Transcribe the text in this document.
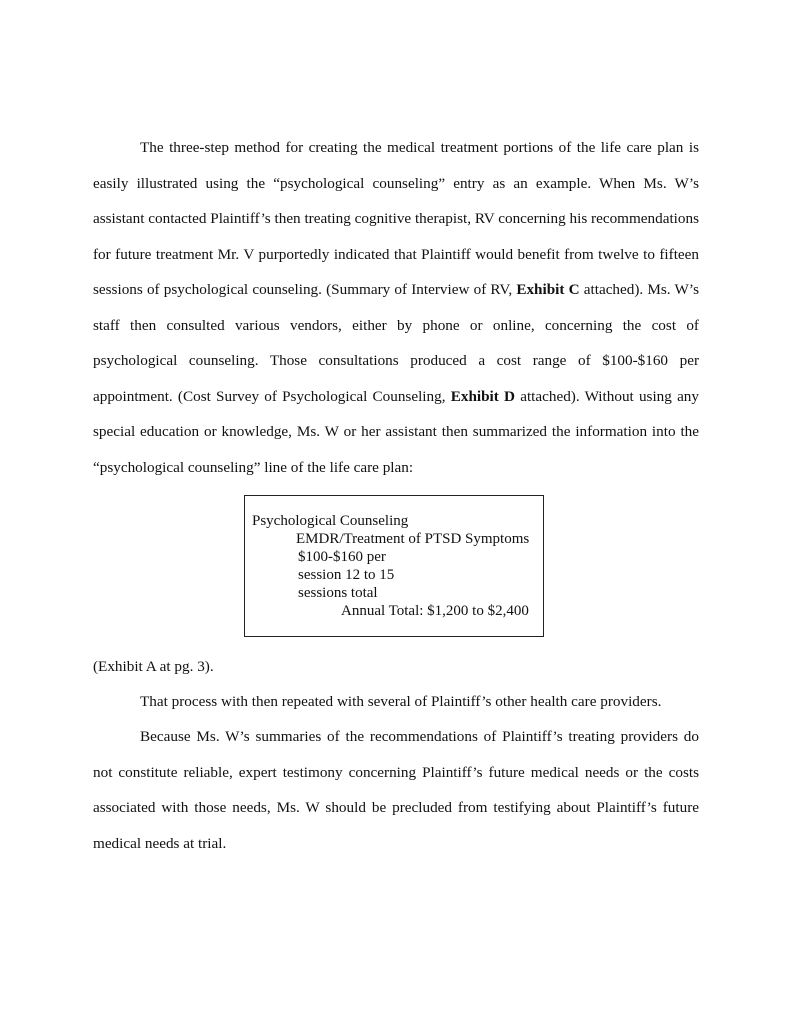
The three-step method for creating the medical treatment portions of the life care plan is easily illustrated using the “psychological counseling” entry as an example. When Ms. W’s assistant contacted Plaintiff’s then treating cognitive therapist, RV concerning his recommendations for future treatment Mr. V purportedly indicated that Plaintiff would benefit from twelve to fifteen sessions of psychological counseling. (Summary of Interview of RV, Exhibit C attached). Ms. W’s staff then consulted various vendors, either by phone or online, concerning the cost of psychological counseling. Those consultations produced a cost range of $100-$160 per appointment. (Cost Survey of Psychological Counseling, Exhibit D attached). Without using any special education or knowledge, Ms. W or her assistant then summarized the information into the “psychological counseling” line of the life care plan:

Psychological Counseling
EMDR/Treatment of PTSD Symptoms
$100-$160 per
session 12 to 15
sessions total
Annual Total: $1,200 to $2,400

(Exhibit A at pg. 3).

That process with then repeated with several of Plaintiff’s other health care providers.

Because Ms. W’s summaries of the recommendations of Plaintiff’s treating providers do not constitute reliable, expert testimony concerning Plaintiff’s future medical needs or the costs associated with those needs, Ms. W should be precluded from testifying about Plaintiff’s future medical needs at trial.
